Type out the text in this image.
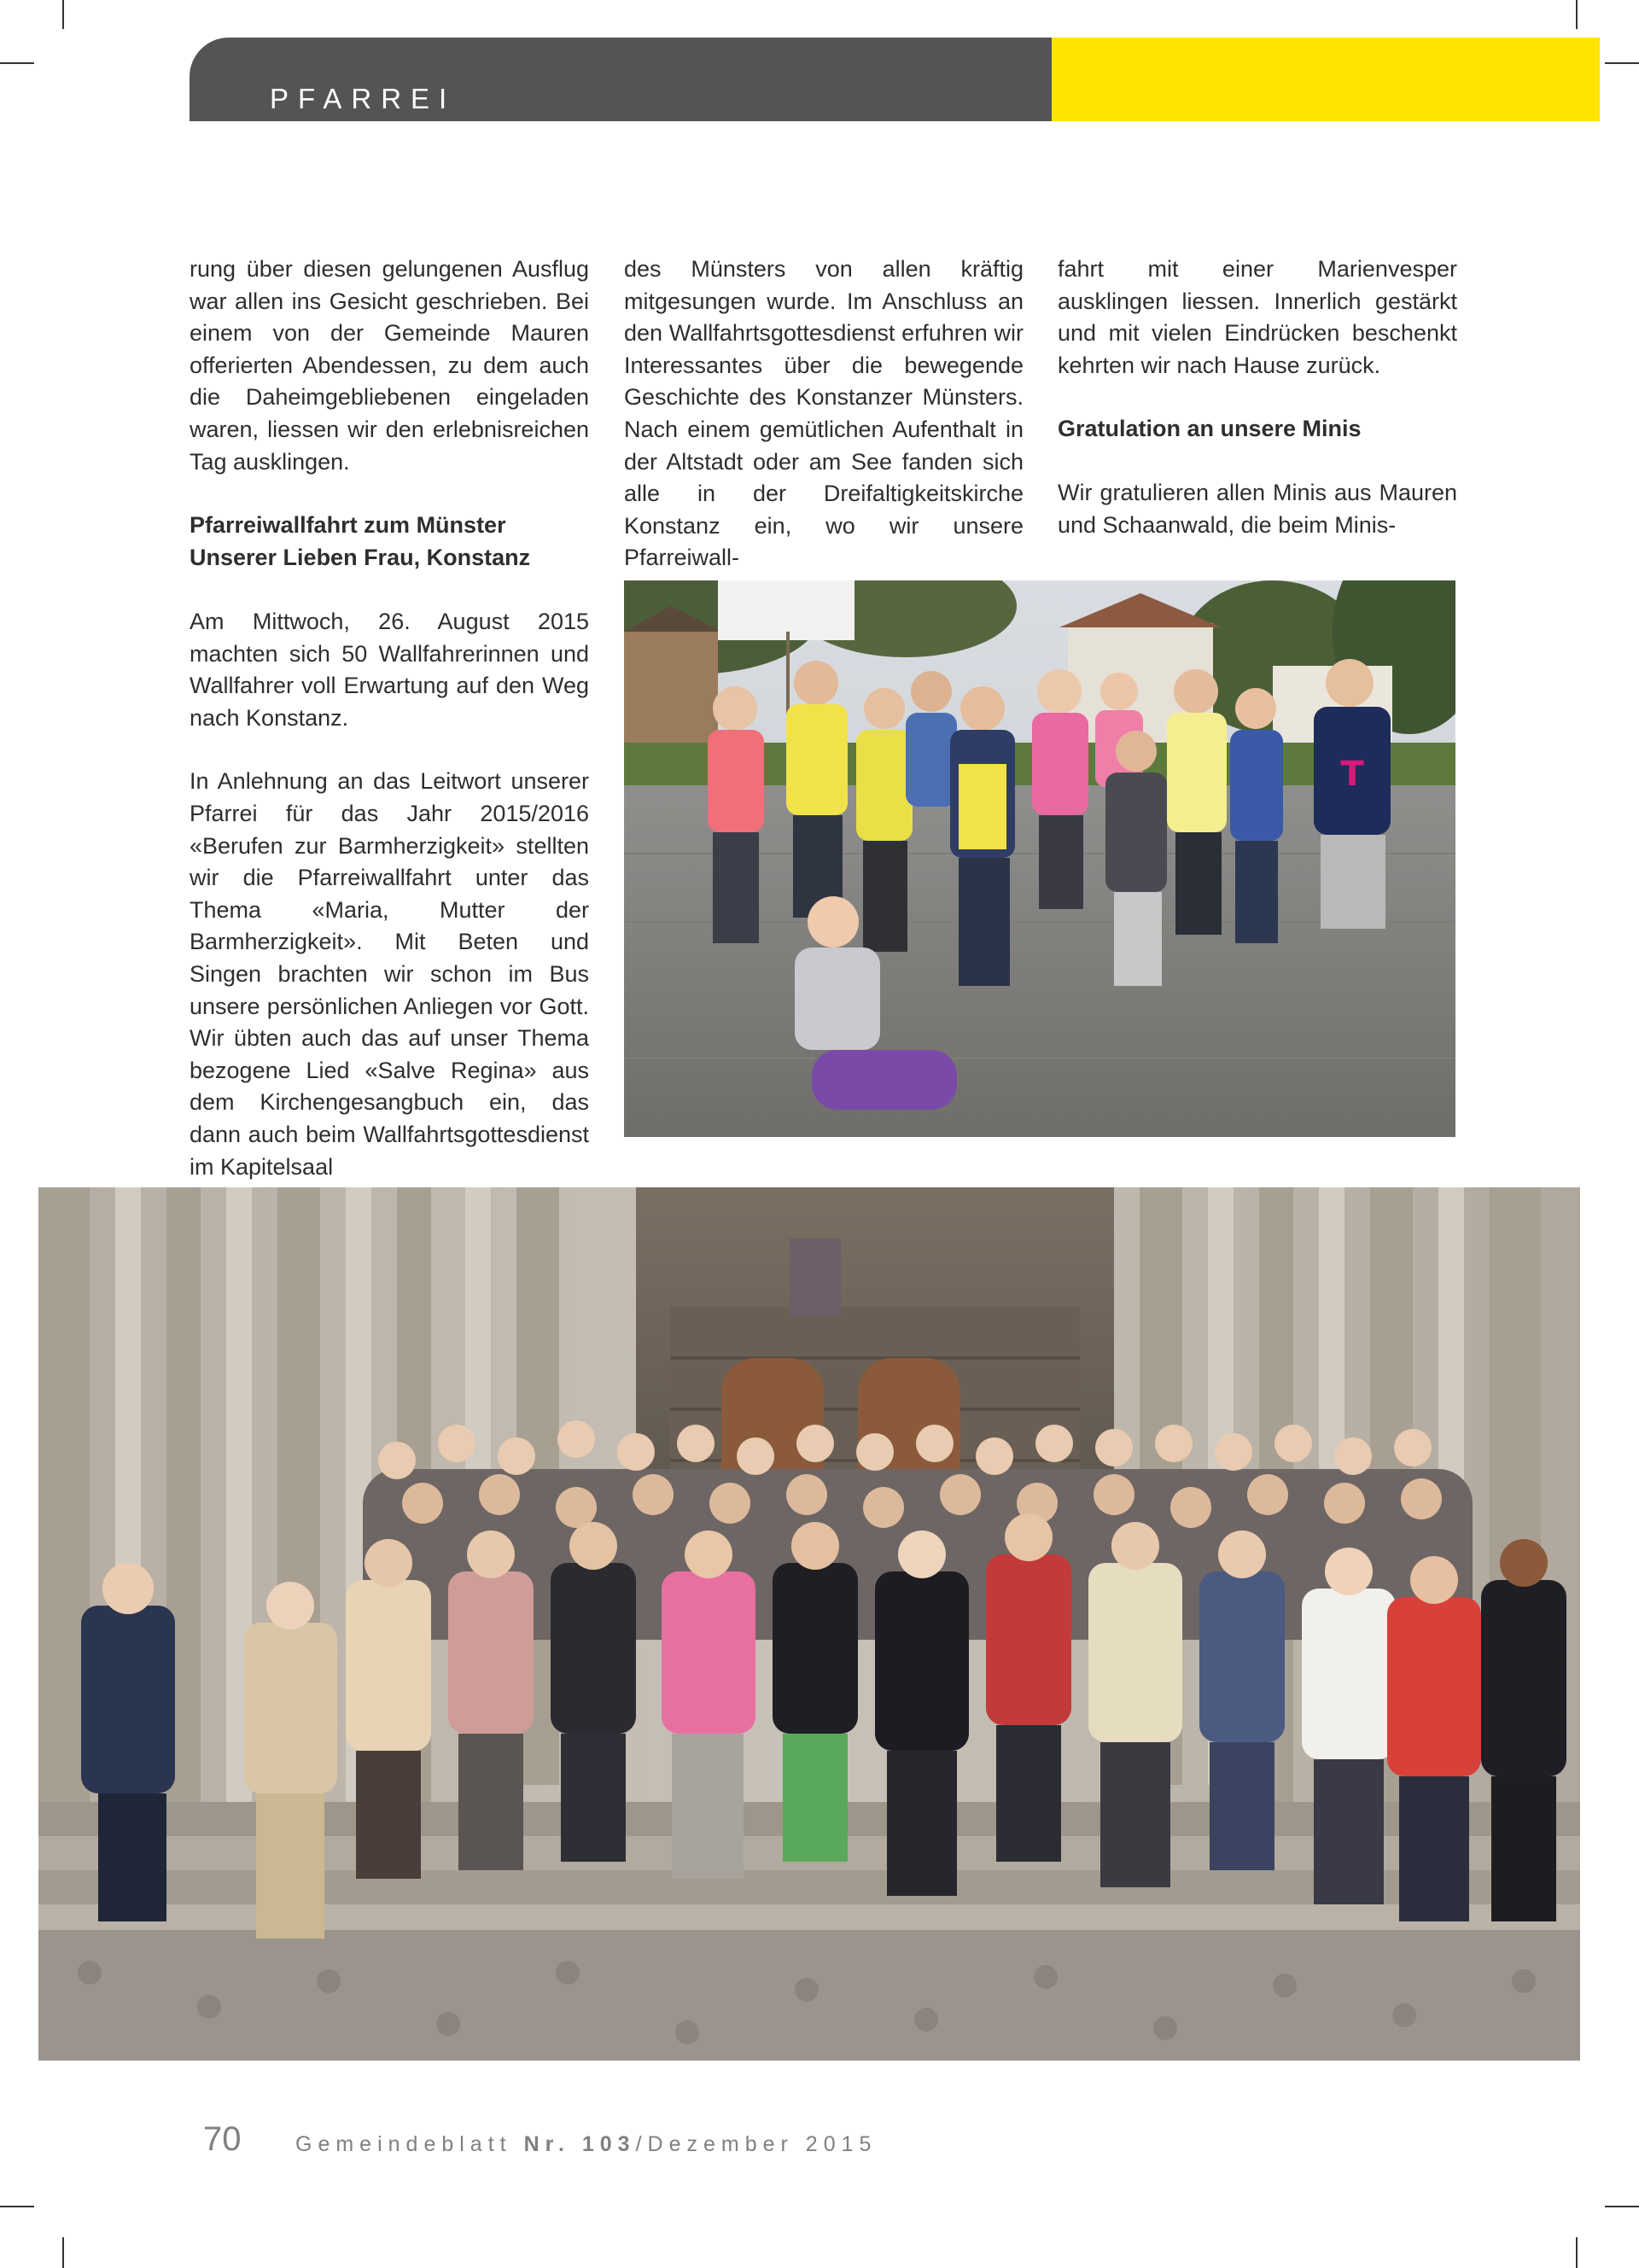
PFARREI

rung über diesen gelungenen Ausflug war allen ins Gesicht geschrieben. Bei einem von der Gemeinde Mauren offerierten Abendessen, zu dem auch die Daheimgebliebenen eingeladen waren, liessen wir den erlebnisreichen Tag ausklingen.

Pfarreiwallfahrt zum Münster
Unserer Lieben Frau, Konstanz

Am Mittwoch, 26. August 2015 machten sich 50 Wallfahrerinnen und Wallfahrer voll Erwartung auf den Weg nach Konstanz.

In Anlehnung an das Leitwort unserer Pfarrei für das Jahr 2015/2016 «Berufen zur Barmherzigkeit» stellten wir die Pfarreiwallfahrt unter das Thema «Maria, Mutter der Barmherzigkeit». Mit Beten und Singen brachten wir schon im Bus unsere persönlichen Anliegen vor Gott. Wir übten auch das auf unser Thema bezogene Lied «Salve Regina» aus dem Kirchengesangbuch ein, das dann auch beim Wallfahrtsgottesdienst im Kapitelsaal

des Münsters von allen kräftig mitgesungen wurde. Im Anschluss an den Wallfahrtsgottesdienst erfuhren wir Interessantes über die bewegende Geschichte des Konstanzer Münsters. Nach einem gemütlichen Aufenthalt in der Altstadt oder am See fanden sich alle in der Dreifaltigkeitskirche Konstanz ein, wo wir unsere Pfarreiwall-

fahrt mit einer Marienvesper ausklingen liessen. Innerlich gestärkt und mit vielen Eindrücken beschenkt kehrten wir nach Hause zurück.

Gratulation an unsere Minis

Wir gratulieren allen Minis aus Mauren und Schaanwald, die beim Minis-

T
70	Gemeindeblatt Nr. 103/Dezember 2015
